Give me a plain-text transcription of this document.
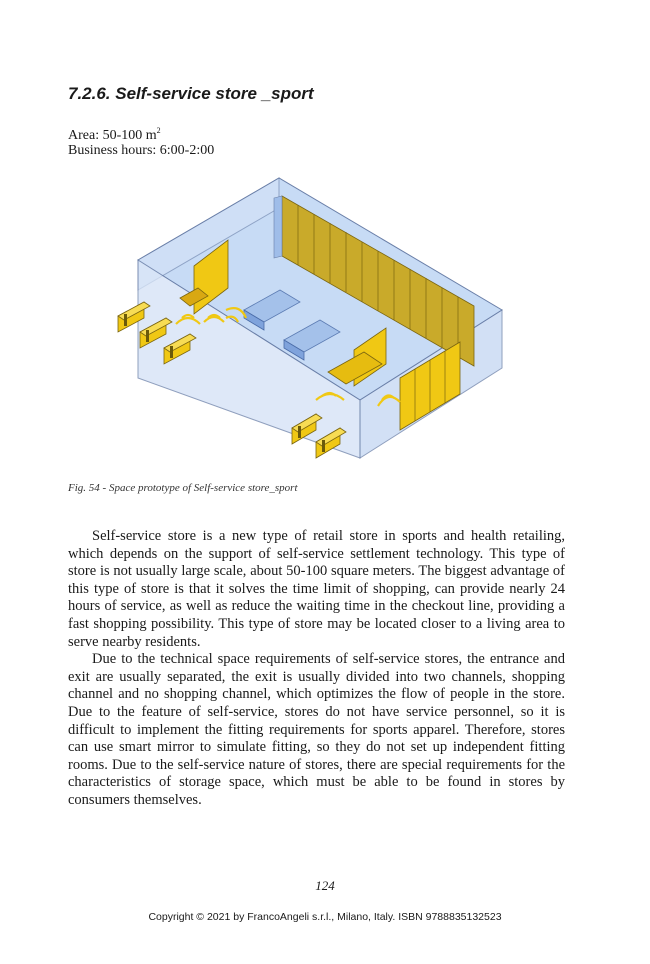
7.2.6. Self-service store _sport
Area: 50-100 $m^2$
Business hours: 6:00-2:00
Fig. 54 - Space prototype of Self-service store_sport

Self-service store is a new type of retail store in sports and health retailing, which depends on the support of self-service settlement technology. This type of store is not usually large scale, about 50-100 square meters. The biggest advantage of this type of store is that it solves the time limit of shopping, can provide nearly 24 hours of service, as well as reduce the waiting time in the checkout line, providing a fast shopping possibility. This type of store may be located closer to a living area to serve nearby residents.

Due to the technical space requirements of self-service stores, the entrance and exit are usually separated, the exit is usually divided into two channels, shopping channel and no shopping channel, which optimizes the flow of people in the store. Due to the feature of self-service, stores do not have service personnel, so it is difficult to implement the fitting requirements for sports apparel. Therefore, stores can use smart mirror to simulate fitting, so they do not set up independent fitting rooms. Due to the self-service nature of stores, there are special requirements for the characteristics of storage space, which must be able to be found in stores by consumers themselves.

124
Copyright © 2021 by FrancoAngeli s.r.l., Milano, Italy. ISBN 9788835132523
